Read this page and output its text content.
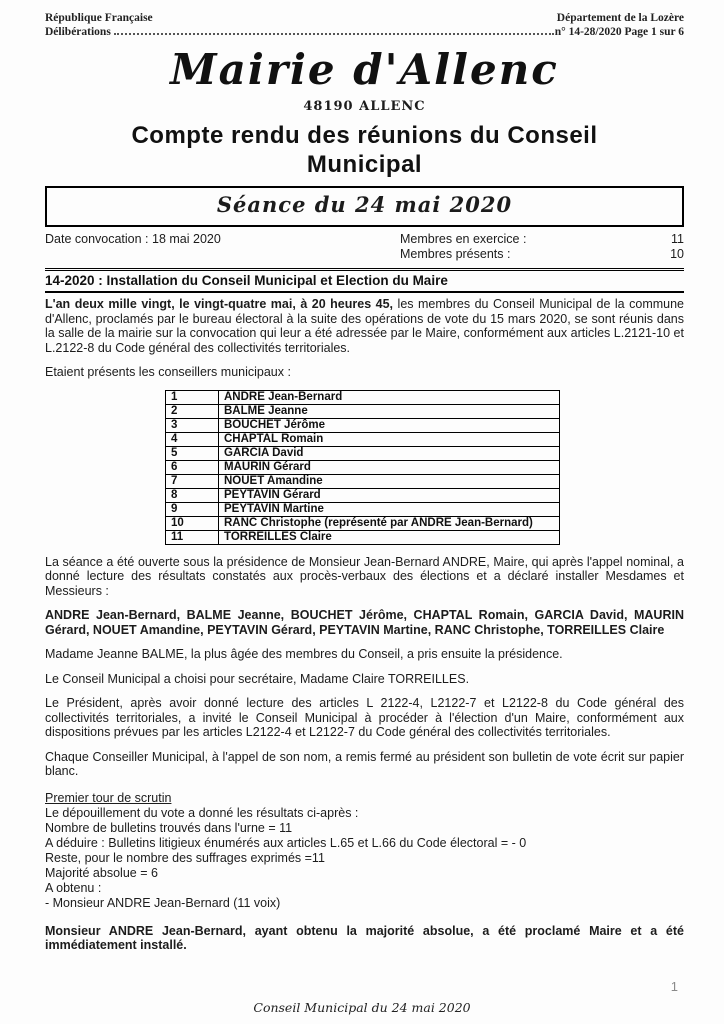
République Française	Département de la Lozère
Délibérations	n° 14-28/2020 Page 1 sur 6
Mairie d'Allenc
48190 ALLENC
Compte rendu des réunions du Conseil Municipal
Séance du 24 mai 2020
Date convocation : 18 mai 2020	Membres en exercice :	11
Membres présents :	10
14-2020 : Installation du Conseil Municipal et Election du Maire

L'an deux mille vingt, le vingt-quatre mai, à 20 heures 45, les membres du Conseil Municipal de la commune d'Allenc, proclamés par le bureau électoral à la suite des opérations de vote du 15 mars 2020, se sont réunis dans la salle de la mairie sur la convocation qui leur a été adressée par le Maire, conformément aux articles L.2121-10 et L.2122-8 du Code général des collectivités territoriales.

Etaient présents les conseillers municipaux :

1	ANDRE Jean-Bernard
2	BALME Jeanne
3	BOUCHET Jérôme
4	CHAPTAL Romain
5	GARCIA David
6	MAURIN Gérard
7	NOUET Amandine
8	PEYTAVIN Gérard
9	PEYTAVIN Martine
10	RANC Christophe (représenté par ANDRE Jean-Bernard)
11	TORREILLES Claire

La séance a été ouverte sous la présidence de Monsieur Jean-Bernard ANDRE, Maire, qui après l'appel nominal, a donné lecture des résultats constatés aux procès-verbaux des élections et a déclaré installer Mesdames et Messieurs :

ANDRE Jean-Bernard, BALME Jeanne, BOUCHET Jérôme, CHAPTAL Romain, GARCIA David, MAURIN Gérard, NOUET Amandine, PEYTAVIN Gérard, PEYTAVIN Martine, RANC Christophe, TORREILLES Claire

Madame Jeanne BALME, la plus âgée des membres du Conseil, a pris ensuite la présidence.

Le Conseil Municipal a choisi pour secrétaire, Madame Claire TORREILLES.

Le Président, après avoir donné lecture des articles L 2122-4, L2122-7 et L2122-8 du Code général des collectivités territoriales, a invité le Conseil Municipal à procéder à l'élection d'un Maire, conformément aux dispositions prévues par les articles L2122-4 et L2122-7 du Code général des collectivités territoriales.

Chaque Conseiller Municipal, à l'appel de son nom, a remis fermé au président son bulletin de vote écrit sur papier blanc.

Premier tour de scrutin
Le dépouillement du vote a donné les résultats ci-après :
Nombre de bulletins trouvés dans l'urne = 11
A déduire : Bulletins litigieux énumérés aux articles L.65 et L.66 du Code électoral = - 0
Reste, pour le nombre des suffrages exprimés =11
Majorité absolue = 6
A obtenu :
- Monsieur ANDRE Jean-Bernard (11 voix)

Monsieur ANDRE Jean-Bernard, ayant obtenu la majorité absolue, a été proclamé Maire et a été immédiatement installé.

1
Conseil Municipal du 24 mai 2020
